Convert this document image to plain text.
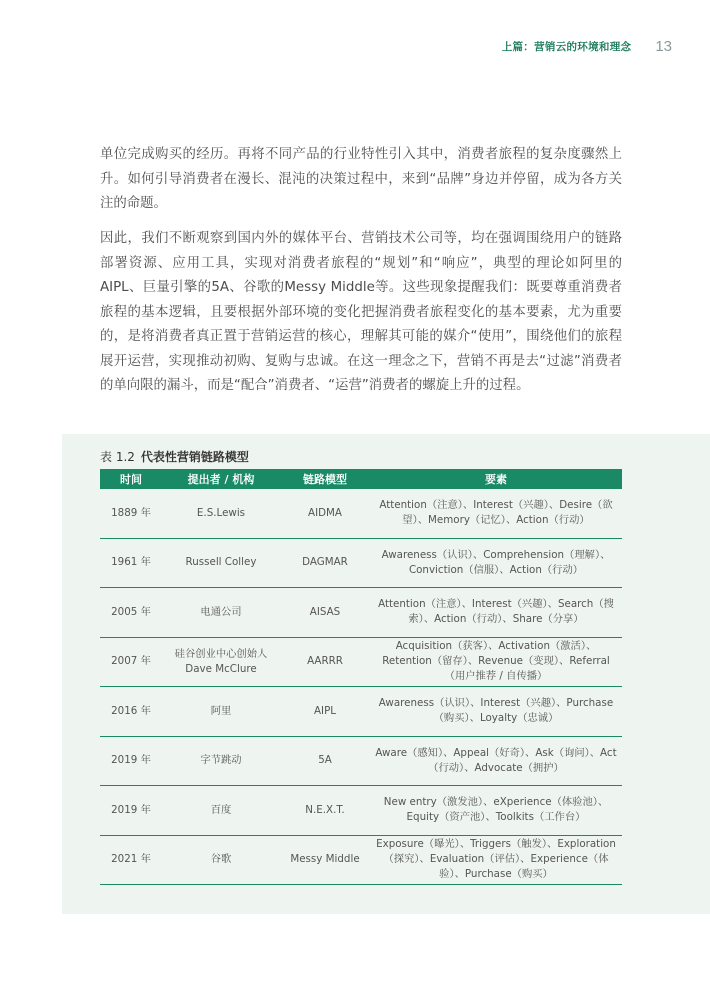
上篇：营销云的环境和理念 13

单位完成购买的经历。再将不同产品的行业特性引入其中，消费者旅程的复杂度骤然上升。如何引导消费者在漫长、混沌的决策过程中，来到“品牌”身边并停留，成为各方关注的命题。

因此，我们不断观察到国内外的媒体平台、营销技术公司等，均在强调围绕用户的链路部署资源、应用工具，实现对消费者旅程的“规划”和“响应”，典型的理论如阿里的AIPL、巨量引擎的5A、谷歌的Messy Middle等。这些现象提醒我们：既要尊重消费者旅程的基本逻辑，且要根据外部环境的变化把握消费者旅程变化的基本要素，尤为重要的，是将消费者真正置于营销运营的核心，理解其可能的媒介“使用”，围绕他们的旅程展开运营，实现推动初购、复购与忠诚。在这一理念之下，营销不再是去“过滤”消费者的单向限的漏斗，而是“配合”消费者、“运营”消费者的螺旋上升的过程。

表 1.2 代表性营销链路模型
时间	提出者 / 机构	链路模型	要素
1889 年	E.S.Lewis	AIDMA	Attention（注意）、Interest（兴趣）、Desire（欲望）、Memory（记忆）、Action（行动）
1961 年	Russell Colley	DAGMAR	Awareness（认识）、Comprehension（理解）、Conviction（信服）、Action（行动）
2005 年	电通公司	AISAS	Attention（注意）、Interest（兴趣）、Search（搜索）、Action（行动）、Share（分享）
2007 年	硅谷创业中心创始人 Dave McClure	AARRR	Acquisition（获客）、Activation（激活）、Retention（留存）、Revenue（变现）、Referral（用户推荐 / 自传播）
2016 年	阿里	AIPL	Awareness（认识）、Interest（兴趣）、Purchase（购买）、Loyalty（忠诚）
2019 年	字节跳动	5A	Aware（感知）、Appeal（好奇）、Ask（询问）、Act（行动）、Advocate（拥护）
2019 年	百度	N.E.X.T.	New entry（激发池）、eXperience（体验池）、Equity（资产池）、Toolkits（工作台）
2021 年	谷歌	Messy Middle	Exposure（曝光）、Triggers（触发）、Exploration（探究）、Evaluation（评估）、Experience（体验）、Purchase（购买）
